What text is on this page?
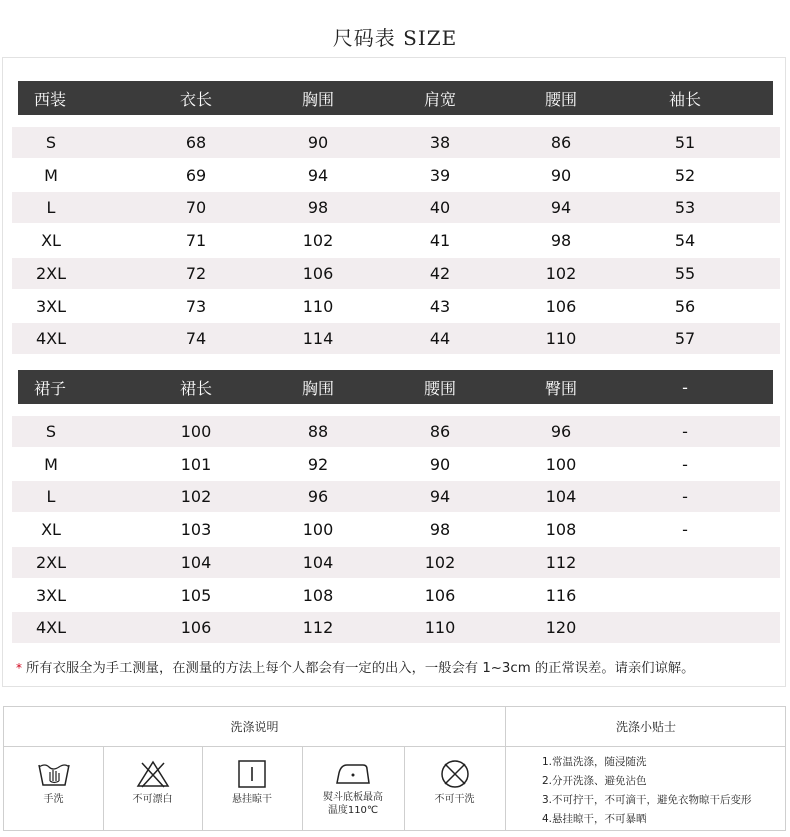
尺码表 SIZE
西装	衣长	胸围	肩宽	腰围	袖长
S	68	90	38	86	51
M	69	94	39	90	52
L	70	98	40	94	53
XL	71	102	41	98	54
2XL	72	106	42	102	55
3XL	73	110	43	106	56
4XL	74	114	44	110	57
裙子	裙长	胸围	腰围	臀围	-
S	100	88	86	96	-
M	101	92	90	100	-
L	102	96	94	104	-
XL	103	100	98	108	-
2XL	104	104	102	112
3XL	105	108	106	116
4XL	106	112	110	120
* 所有衣服全为手工测量，在测量的方法上每个人都会有一定的出入，一般会有 1~3cm 的正常误差。请亲们谅解。
洗涤说明	洗涤小贴士
手洗	不可漂白	悬挂晾干	熨斗底板最高
温度110℃
不可干洗
1.常温洗涤，随浸随洗
2.分开洗涤、避免沾色
3.不可拧干，不可滴干，避免衣物晾干后变形
4.悬挂晾干，不可暴晒
